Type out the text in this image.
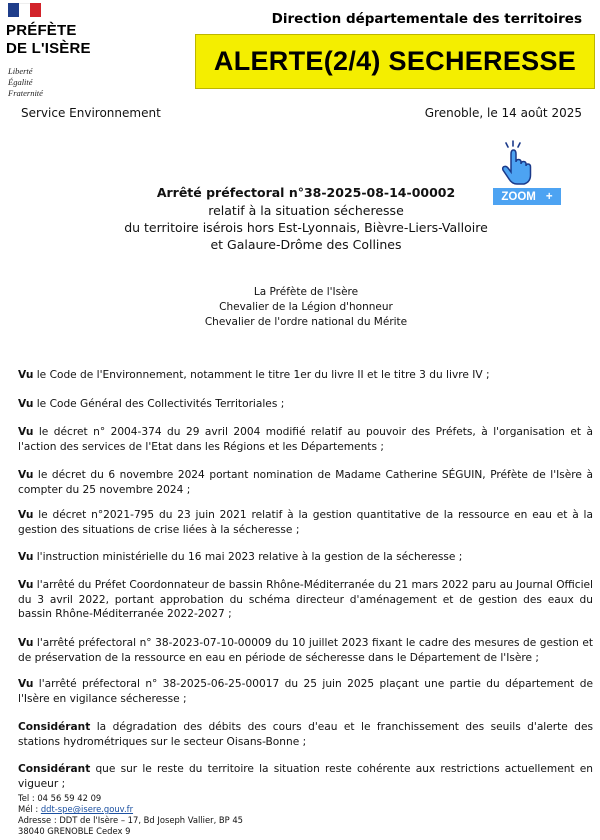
PRÉFÈTE
DE L'ISÈRE
Liberté
Égalité
Fraternité
Direction départementale des territoires
ALERTE(2/4) SECHERESSE
Service Environnement	Grenoble, le 14 août 2025
ZOOM +
Arrêté préfectoral n°38-2025-08-14-00002
relatif à la situation sécheresse
du territoire isérois hors Est-Lyonnais, Bièvre-Liers-Valloire
et Galaure-Drôme des Collines
La Préfète de l'Isère
Chevalier de la Légion d'honneur
Chevalier de l'ordre national du Mérite
Vu le Code de l'Environnement, notamment le titre 1er du livre II et le titre 3 du livre IV ;
Vu le Code Général des Collectivités Territoriales ;
Vu le décret n° 2004-374 du 29 avril 2004 modifié relatif au pouvoir des Préfets, à l'organisation et à l'action des services de l'Etat dans les Régions et les Départements ;
Vu le décret du 6 novembre 2024 portant nomination de Madame Catherine SÉGUIN, Préfète de l'Isère à compter du 25 novembre 2024 ;
Vu le décret n°2021-795 du 23 juin 2021 relatif à la gestion quantitative de la ressource en eau et à la gestion des situations de crise liées à la sécheresse ;
Vu l'instruction ministérielle du 16 mai 2023 relative à la gestion de la sécheresse ;
Vu l'arrêté du Préfet Coordonnateur de bassin Rhône-Méditerranée du 21 mars 2022 paru au Journal Officiel du 3 avril 2022, portant approbation du schéma directeur d'aménagement et de gestion des eaux du bassin Rhône-Méditerranée 2022-2027 ;
Vu l'arrêté préfectoral n° 38-2023-07-10-00009 du 10 juillet 2023 fixant le cadre des mesures de gestion et de préservation de la ressource en eau en période de sécheresse dans le Département de l'Isère ;
Vu l'arrêté préfectoral n° 38-2025-06-25-00017 du 25 juin 2025 plaçant une partie du département de l'Isère en vigilance sécheresse ;
Considérant la dégradation des débits des cours d'eau et le franchissement des seuils d'alerte des stations hydrométriques sur le secteur Oisans-Bonne ;
Considérant que sur le reste du territoire la situation reste cohérente aux restrictions actuellement en vigueur ;
Tel : 04 56 59 42 09
Mél : ddt-spe@isere.gouv.fr
Adresse : DDT de l'Isère – 17, Bd Joseph Vallier, BP 45
38040 GRENOBLE Cedex 9
